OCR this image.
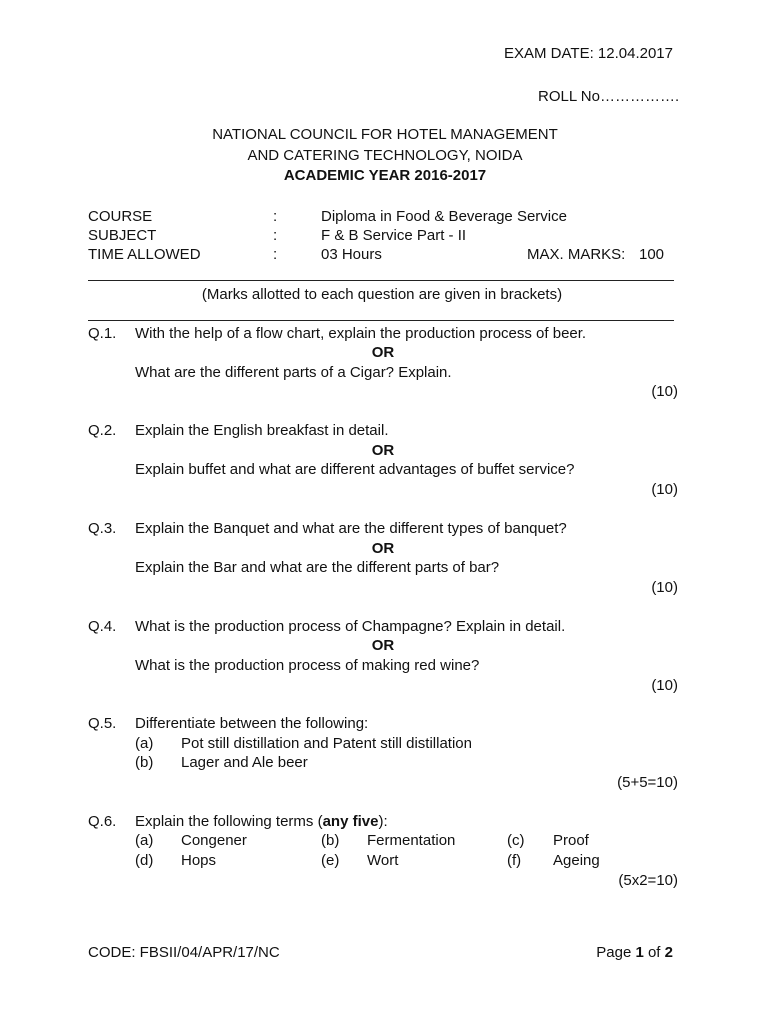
EXAM DATE: 12.04.2017
ROLL No…………….
NATIONAL COUNCIL FOR HOTEL MANAGEMENT
AND CATERING TECHNOLOGY, NOIDA
ACADEMIC YEAR 2016-2017
COURSE	:	Diploma in Food & Beverage Service
SUBJECT	:	F & B Service Part - II
TIME ALLOWED	:	03 Hours	MAX. MARKS: 100
(Marks allotted to each question are given in brackets)
Q.1. With the help of a flow chart, explain the production process of beer.
OR
What are the different parts of a Cigar? Explain.
(10)
Q.2. Explain the English breakfast in detail.
OR
Explain buffet and what are different advantages of buffet service?
(10)
Q.3. Explain the Banquet and what are the different types of banquet?
OR
Explain the Bar and what are the different parts of bar?
(10)
Q.4. What is the production process of Champagne? Explain in detail.
OR
What is the production process of making red wine?
(10)
Q.5. Differentiate between the following:
(a) Pot still distillation and Patent still distillation
(b) Lager and Ale beer
(5+5=10)
Q.6. Explain the following terms (any five):
(a) Congener	(b) Fermentation	(c) Proof
(d) Hops	(e) Wort	(f) Ageing
(5x2=10)
CODE: FBSII/04/APR/17/NC	Page 1 of 2
